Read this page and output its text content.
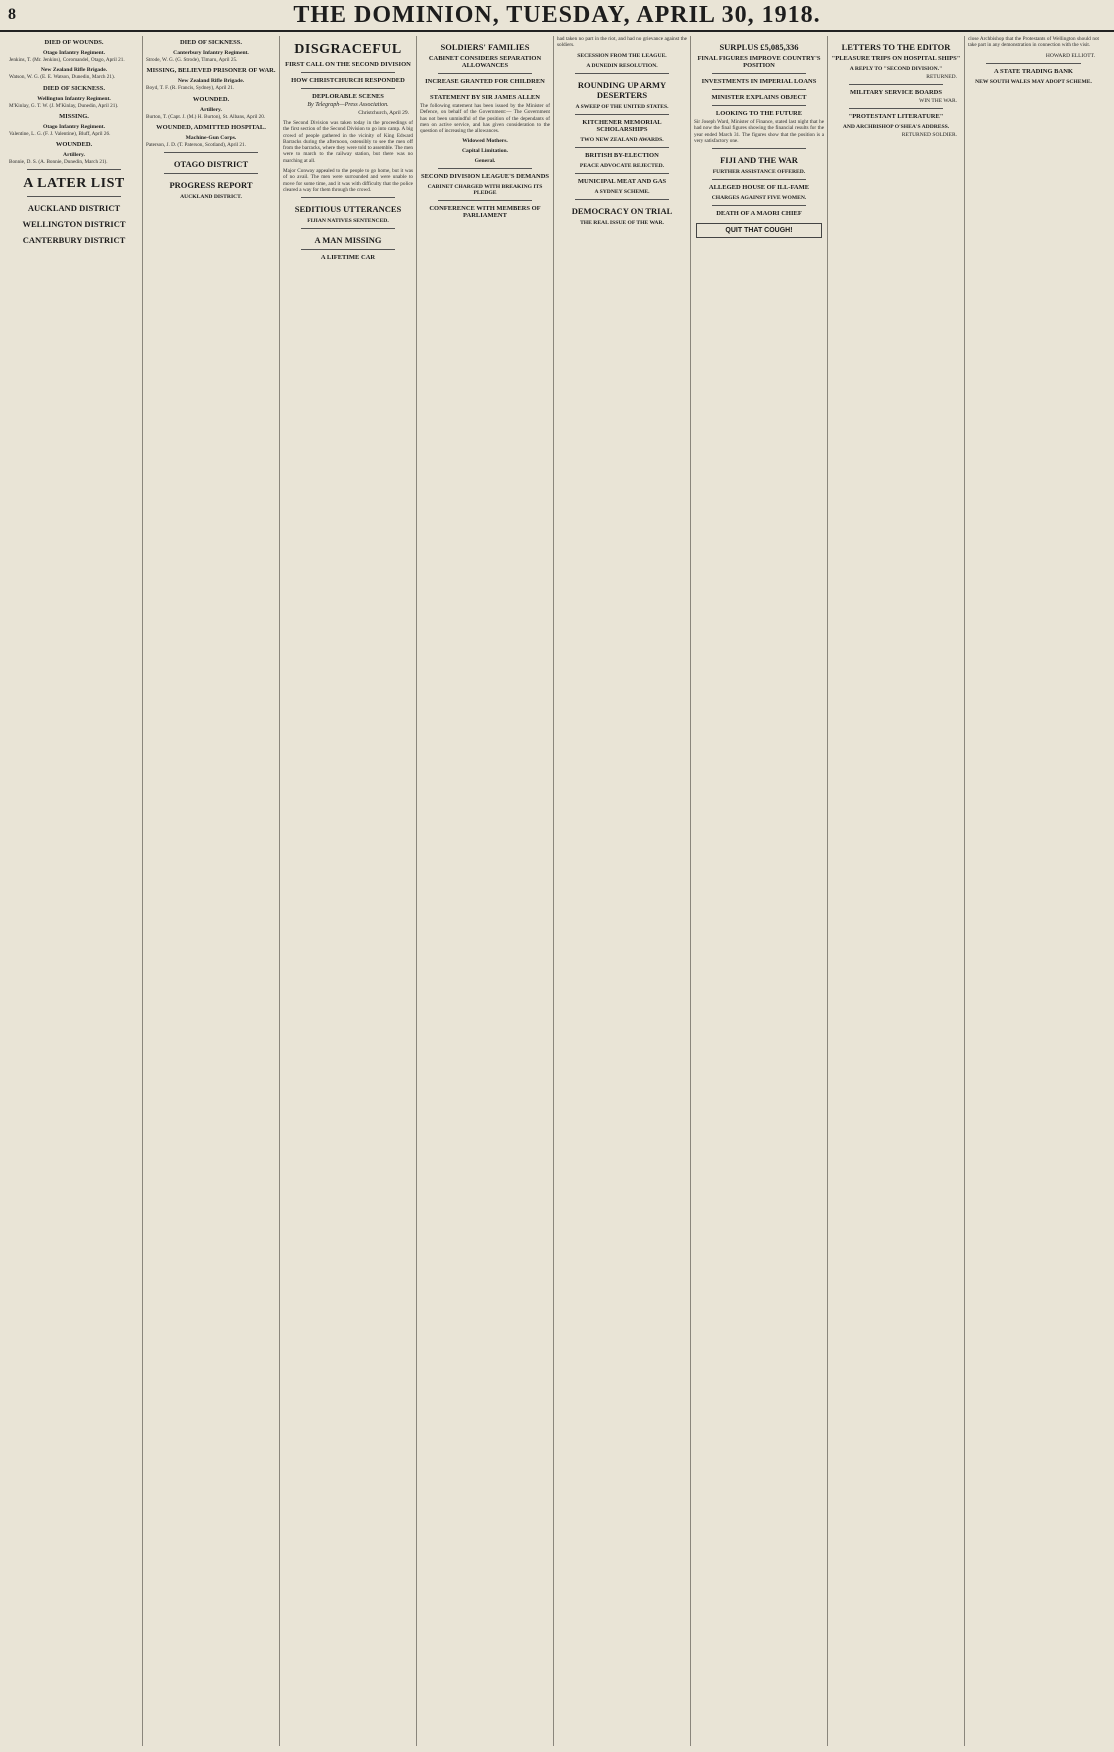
8	THE DOMINION, TUESDAY, APRIL 30, 1918.
DIED OF WOUNDS.
Otago Infantry Regiment.

Jenkins, T. (Mr. Jenkins), Coromandel, Otago, April 21.

New Zealand Rifle Brigade.

Watson, W. G. (E. E. Watson, Dunedin, March 21).

DIED OF SICKNESS.
Wellington Infantry Regiment.

M'Kinlay, G. T. W. (J. M'Kinlay, Dunedin, April 21).

MISSING.
Otago Infantry Regiment.

Valentine, L. G. (F. J. Valentine), Bluff, April 26.

WOUNDED.
Artillery.

Bonnie, D. S. (A. Bonnie, Dunedin, March 21).

A LATER LIST
AUCKLAND DISTRICT
WELLINGTON DISTRICT
CANTERBURY DISTRICT
DIED OF SICKNESS.
Canterbury Infantry Regiment.

Strode, W. G. (G. Strode), Timaru, April 25.

MISSING, BELIEVED PRISONER OF WAR.
New Zealand Rifle Brigade.

Boyd, T. F. (R. Francis, Sydney), April 21.

WOUNDED.
Artillery.

Burton, T. (Capt. J. (M.) H. Burton), St. Albans, April 20.

WOUNDED, ADMITTED HOSPITAL.
Machine-Gun Corps.

Paterson, J. D. (T. Paterson, Scotland), April 21.

OTAGO DISTRICT
PROGRESS REPORT
AUCKLAND DISTRICT.
DISGRACEFUL
FIRST CALL ON THE SECOND DIVISION
HOW CHRISTCHURCH RESPONDED
DEPLORABLE SCENES
By Telegraph—Press Association.
Christchurch, April 29.

The Second Division was taken today in the proceedings of the first section of the Second Division to go into camp. A big crowd of people gathered in the vicinity of King Edward Barracks during the afternoon, ostensibly to see the men off from the barracks, where they were told to assemble. The men were to march to the railway station, but there was no marching at all.

Major Conway appealed to the people to go home, but it was of no avail. The men were surrounded and were unable to move for some time, and it was with difficulty that the police cleared a way for them through the crowd.

SEDITIOUS UTTERANCES
FIJIAN NATIVES SENTENCED.
A MAN MISSING
A LIFETIME CAR
SOLDIERS' FAMILIES
CABINET CONSIDERS SEPARATION ALLOWANCES
INCREASE GRANTED FOR CHILDREN
STATEMENT BY SIR JAMES ALLEN

The following statement has been issued by the Minister of Defence, on behalf of the Government:— The Government has not been unmindful of the position of the dependants of men on active service, and has given consideration to the question of increasing the allowances.

Widowed Mothers.
Capital Limitation.
General.
SECOND DIVISION LEAGUE'S DEMANDS
CABINET CHARGED WITH BREAKING ITS PLEDGE
CONFERENCE WITH MEMBERS OF PARLIAMENT

had taken no part in the riot, and had no grievance against the soldiers.

SECESSION FROM THE LEAGUE.
A DUNEDIN RESOLUTION.
ROUNDING UP ARMY DESERTERS
A SWEEP OF THE UNITED STATES.
KITCHENER MEMORIAL SCHOLARSHIPS
TWO NEW ZEALAND AWARDS.
BRITISH BY-ELECTION
PEACE ADVOCATE REJECTED.
MUNICIPAL MEAT AND GAS
A SYDNEY SCHEME.
DEMOCRACY ON TRIAL
THE REAL ISSUE OF THE WAR.
SURPLUS £5,085,336
FINAL FIGURES IMPROVE COUNTRY'S POSITION
INVESTMENTS IN IMPERIAL LOANS
MINISTER EXPLAINS OBJECT
LOOKING TO THE FUTURE

Sir Joseph Ward, Minister of Finance, stated last night that he had now the final figures showing the financial results for the year ended March 31. The figures show that the position is a very satisfactory one.

FIJI AND THE WAR
FURTHER ASSISTANCE OFFERED.
ALLEGED HOUSE OF ILL-FAME
CHARGES AGAINST FIVE WOMEN.
DEATH OF A MAORI CHIEF
QUIT THAT COUGH!
LETTERS TO THE EDITOR
"PLEASURE TRIPS ON HOSPITAL SHIPS"
A REPLY TO "SECOND DIVISION."
RETURNED.
MILITARY SERVICE BOARDS
WIN THE WAR.
"PROTESTANT LITERATURE"
AND ARCHBISHOP O'SHEA'S ADDRESS.
RETURNED SOLDIER.

close Archbishop that the Protestants of Wellington should not take part in any demonstration in connection with the visit.

HOWARD ELLIOTT.
A STATE TRADING BANK
NEW SOUTH WALES MAY ADOPT SCHEME.
